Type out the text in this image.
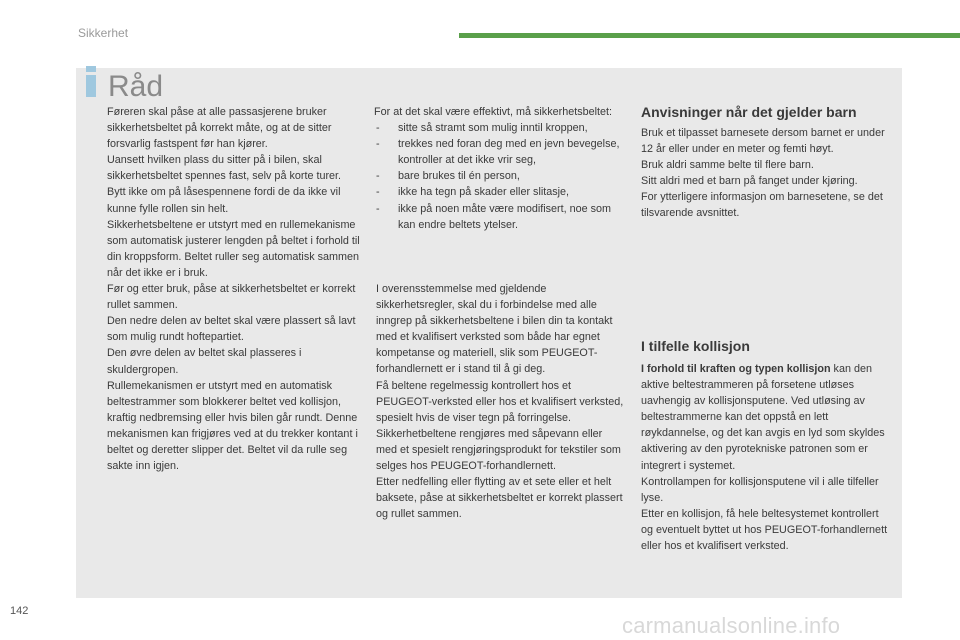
Sikkerhet
Råd

Føreren skal påse at alle passasjerene bruker sikkerhetsbeltet på korrekt måte, og at de sitter forsvarlig fastspent før han kjører.

Uansett hvilken plass du sitter på i bilen, skal sikkerhetsbeltet spennes fast, selv på korte turer.

Bytt ikke om på låsespennene fordi de da ikke vil kunne fylle rollen sin helt.

Sikkerhetsbeltene er utstyrt med en rullemekanisme som automatisk justerer lengden på beltet i forhold til din kroppsform. Beltet ruller seg automatisk sammen når det ikke er i bruk.

Før og etter bruk, påse at sikkerhetsbeltet er korrekt rullet sammen.

Den nedre delen av beltet skal være plassert så lavt som mulig rundt hoftepartiet.

Den øvre delen av beltet skal plasseres i skuldergropen.

Rullemekanismen er utstyrt med en automatisk beltestrammer som blokkerer beltet ved kollisjon, kraftig nedbremsing eller hvis bilen går rundt. Denne mekanismen kan frigjøres ved at du trekker kontant i beltet og deretter slipper det. Beltet vil da rulle seg sakte inn igjen.

For at det skal være effektivt, må sikkerhetsbeltet:

- sitte så stramt som mulig inntil kroppen,
- trekkes ned foran deg med en jevn bevegelse, kontroller at det ikke vrir seg,
- bare brukes til én person,
- ikke ha tegn på skader eller slitasje,
- ikke på noen måte være modifisert, noe som kan endre beltets ytelser.

I overensstemmelse med gjeldende sikkerhetsregler, skal du i forbindelse med alle inngrep på sikkerhetsbeltene i bilen din ta kontakt med et kvalifisert verksted som både har egnet kompetanse og materiell, slik som PEUGEOT-forhandlernett er i stand til å gi deg.

Få beltene regelmessig kontrollert hos et PEUGEOT-verksted eller hos et kvalifisert verksted, spesielt hvis de viser tegn på forringelse.

Sikkerhetbeltene rengjøres med såpevann eller med et spesielt rengjøringsprodukt for tekstiler som selges hos PEUGEOT-forhandlernett.

Etter nedfelling eller flytting av et sete eller et helt baksete, påse at sikkerhetsbeltet er korrekt plassert og rullet sammen.

Anvisninger når det gjelder barn

Bruk et tilpasset barnesete dersom barnet er under 12 år eller under en meter og femti høyt.

Bruk aldri samme belte til flere barn.

Sitt aldri med et barn på fanget under kjøring.

For ytterligere informasjon om barnesetene, se det tilsvarende avsnittet.

I tilfelle kollisjon

I forhold til kraften og typen kollisjon kan den aktive beltestrammeren på forsetene utløses uavhengig av kollisjonsputene. Ved utløsing av beltestrammerne kan det oppstå en lett røykdannelse, og det kan avgis en lyd som skyldes aktivering av den pyrotekniske patronen som er integrert i systemet.

Kontrollampen for kollisjonsputene vil i alle tilfeller lyse.

Etter en kollisjon, få hele beltesystemet kontrollert og eventuelt byttet ut hos PEUGEOT-forhandlernett eller hos et kvalifisert verksted.

142
carmanualsonline.info
